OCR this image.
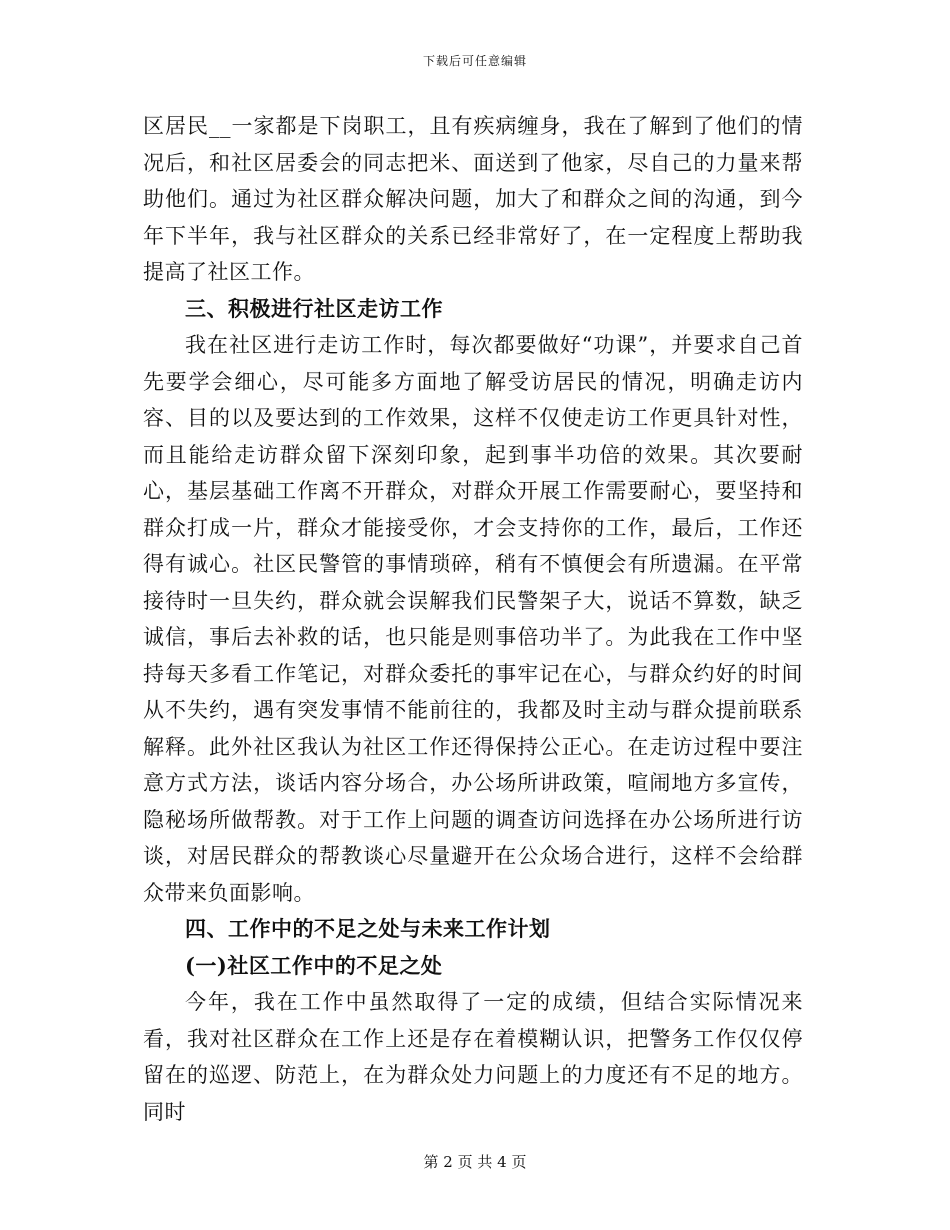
下载后可任意编辑

区居民__一家都是下岗职工，且有疾病缠身，我在了解到了他们的情况后，和社区居委会的同志把米、面送到了他家，尽自己的力量来帮助他们。通过为社区群众解决问题，加大了和群众之间的沟通，到今年下半年，我与社区群众的关系已经非常好了，在一定程度上帮助我提高了社区工作。

三、积极进行社区走访工作

我在社区进行走访工作时，每次都要做好“功课”，并要求自己首先要学会细心，尽可能多方面地了解受访居民的情况，明确走访内容、目的以及要达到的工作效果，这样不仅使走访工作更具针对性，而且能给走访群众留下深刻印象，起到事半功倍的效果。其次要耐心，基层基础工作离不开群众，对群众开展工作需要耐心，要坚持和群众打成一片，群众才能接受你，才会支持你的工作，最后，工作还得有诚心。社区民警管的事情琐碎，稍有不慎便会有所遗漏。在平常接待时一旦失约，群众就会误解我们民警架子大，说话不算数，缺乏诚信，事后去补救的话，也只能是则事倍功半了。为此我在工作中坚持每天多看工作笔记，对群众委托的事牢记在心，与群众约好的时间从不失约，遇有突发事情不能前往的，我都及时主动与群众提前联系解释。此外社区我认为社区工作还得保持公正心。在走访过程中要注意方式方法，谈话内容分场合，办公场所讲政策，喧闹地方多宣传，隐秘场所做帮教。对于工作上问题的调查访问选择在办公场所进行访谈，对居民群众的帮教谈心尽量避开在公众场合进行，这样不会给群众带来负面影响。

四、工作中的不足之处与未来工作计划
(一)社区工作中的不足之处

今年，我在工作中虽然取得了一定的成绩，但结合实际情况来看，我对社区群众在工作上还是存在着模糊认识，把警务工作仅仅停留在的巡逻、防范上，在为群众处力问题上的力度还有不足的地方。同时

第 2 页 共 4 页
